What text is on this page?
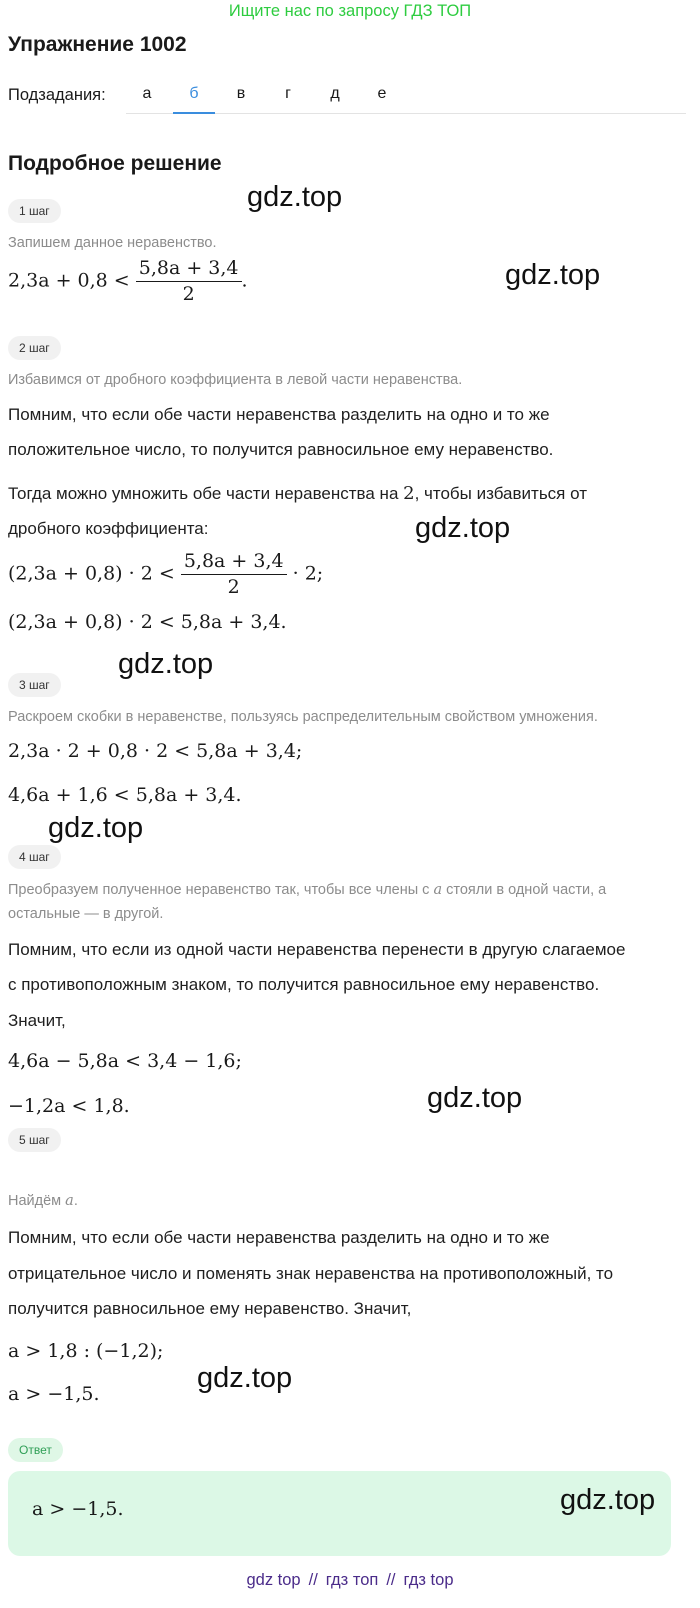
Ищите нас по запросу ГДЗ ТОП
Упражнение 1002
Подзадания:	а	б	в	г	д	е
Подробное решение
gdz.top
gdz.top
gdz.top
gdz.top
gdz.top
gdz.top
gdz.top
gdz.top
1 шаг
Запишем данное неравенство.
$2,3a + 0,8 < \frac{5,8a + 3,4}{2}$ .
2 шаг
Избавимся от дробного коэффициента в левой части неравенства.
Помним, что если обе части неравенства разделить на одно и то же
положительное число, то получится равносильное ему неравенство.
Тогда можно умножить обе части неравенства на 2, чтобы избавиться от
дробного коэффициента:
$(2,3a + 0,8) \cdot 2 < \frac{5,8a + 3,4}{2} \cdot 2$;
(2,3a + 0,8) · 2 < 5,8a + 3,4.
3 шаг
Раскроем скобки в неравенстве, пользуясь распределительным свойством умножения.
2,3a · 2 + 0,8 · 2 < 5,8a + 3,4;
4,6a + 1,6 < 5,8a + 3,4.
4 шаг
Преобразуем полученное неравенство так, чтобы все члены с a стояли в одной части, а
остальные — в другой.
Помним, что если из одной части неравенства перенести в другую слагаемое
с противоположным знаком, то получится равносильное ему неравенство.
Значит,
4,6a − 5,8a < 3,4 − 1,6;
−1,2a < 1,8.
5 шаг
Найдём a.
Помним, что если обе части неравенства разделить на одно и то же
отрицательное число и поменять знак неравенства на противоположный, то
получится равносильное ему неравенство. Значит,
a > 1,8 : (−1,2);
a > −1,5.
Ответ
a > −1,5.
gdz top // гдз топ // гдз top
